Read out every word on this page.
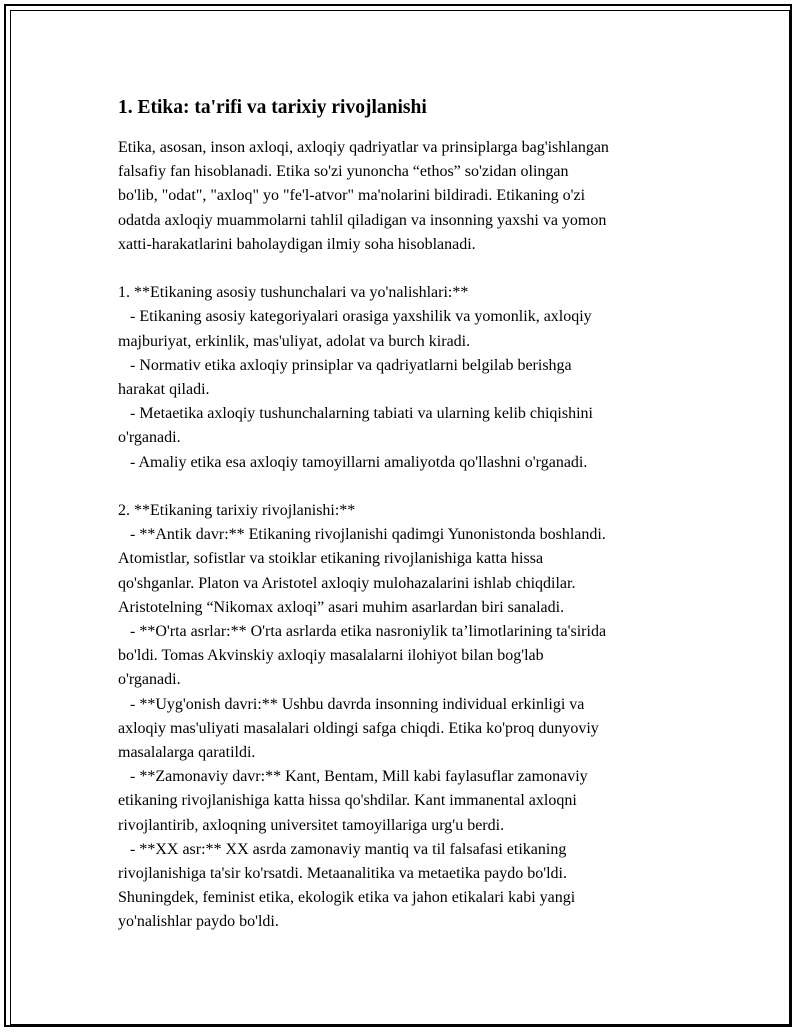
1. Etika: ta'rifi va tarixiy rivojlanishi
Etika, asosan, inson axloqi, axloqiy qadriyatlar va prinsiplarga bag'ishlangan
falsafiy fan hisoblanadi. Etika so'zi yunoncha “ethos” so'zidan olingan
bo'lib, "odat", "axloq" yo "fe'l-atvor" ma'nolarini bildiradi. Etikaning o'zi
odatda axloqiy muammolarni tahlil qiladigan va insonning yaxshi va yomon
xatti-harakatlarini baholaydigan ilmiy soha hisoblanadi.
1. **Etikaning asosiy tushunchalari va yo'nalishlari:**
- Etikaning asosiy kategoriyalari orasiga yaxshilik va yomonlik, axloqiy
majburiyat, erkinlik, mas'uliyat, adolat va burch kiradi.
- Normativ etika axloqiy prinsiplar va qadriyatlarni belgilab berishga
harakat qiladi.
- Metaetika axloqiy tushunchalarning tabiati va ularning kelib chiqishini
o'rganadi.
- Amaliy etika esa axloqiy tamoyillarni amaliyotda qo'llashni o'rganadi.
2. **Etikaning tarixiy rivojlanishi:**
- **Antik davr:** Etikaning rivojlanishi qadimgi Yunonistonda boshlandi.
Atomistlar, sofistlar va stoiklar etikaning rivojlanishiga katta hissa
qo'shganlar. Platon va Aristotel axloqiy mulohazalarini ishlab chiqdilar.
Aristotelning “Nikomax axloqi” asari muhim asarlardan biri sanaladi.
- **O'rta asrlar:** O'rta asrlarda etika nasroniylik ta’limotlarining ta'sirida
bo'ldi. Tomas Akvinskiy axloqiy masalalarni ilohiyot bilan bog'lab
o'rganadi.
- **Uyg'onish davri:** Ushbu davrda insonning individual erkinligi va
axloqiy mas'uliyati masalalari oldingi safga chiqdi. Etika ko'proq dunyoviy
masalalarga qaratildi.
- **Zamonaviy davr:** Kant, Bentam, Mill kabi faylasuflar zamonaviy
etikaning rivojlanishiga katta hissa qo'shdilar. Kant immanental axloqni
rivojlantirib, axloqning universitet tamoyillariga urg'u berdi.
- **XX asr:** XX asrda zamonaviy mantiq va til falsafasi etikaning
rivojlanishiga ta'sir ko'rsatdi. Metaanalitika va metaetika paydo bo'ldi.
Shuningdek, feminist etika, ekologik etika va jahon etikalari kabi yangi
yo'nalishlar paydo bo'ldi.
